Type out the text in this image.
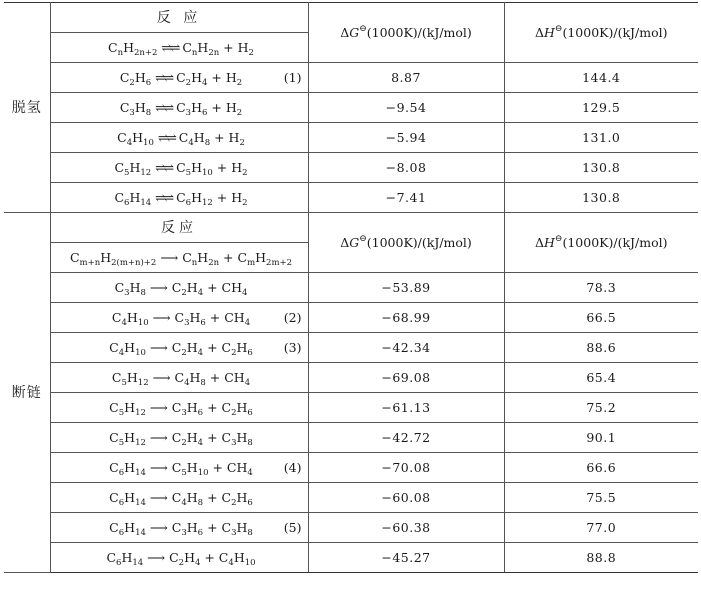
脱氢	反 应	ΔG⊖(1000K)/(kJ/mol)	ΔH⊖(1000K)/(kJ/mol)
	$C_nH_{2n+2}$ ⇌⇌ $C_nH_{2n} + H_2$
	$C_2H_6$ ⇌⇌ $C_2H_4 + H_2$ (1)	8.87	144.4
	$C_3H_8$ ⇌⇌ $C_3H_6 + H_2$	−9.54	129.5
	$C_4H_{10}$ ⇌⇌ $C_4H_8 + H_2$	−5.94	131.0
	$C_5H_{12}$ ⇌⇌ $C_5H_{10} + H_2$	−8.08	130.8
	$C_6H_{14}$ ⇌⇌ $C_6H_{12} + H_2$	−7.41	130.8
断链	反应	ΔG⊖(1000K)/(kJ/mol)	ΔH⊖(1000K)/(kJ/mol)
	$C_{m+n}H_{2(m+n)+2}$ ⟶ $C_nH_{2n} + C_mH_{2m+2}$
	$C_3H_8$ ⟶ $C_2H_4 + CH_4$	−53.89	78.3
	$C_4H_{10}$ ⟶ $C_3H_6 + CH_4$ (2)	−68.99	66.5
	$C_4H_{10}$ ⟶ $C_2H_4 + C_2H_6$ (3)	−42.34	88.6
	$C_5H_{12}$ ⟶ $C_4H_8 + CH_4$	−69.08	65.4
	$C_5H_{12}$ ⟶ $C_3H_6 + C_2H_6$	−61.13	75.2
	$C_5H_{12}$ ⟶ $C_2H_4 + C_3H_8$	−42.72	90.1
	$C_6H_{14}$ ⟶ $C_5H_{10} + CH_4$ (4)	−70.08	66.6
	$C_6H_{14}$ ⟶ $C_4H_8 + C_2H_6$	−60.08	75.5
	$C_6H_{14}$ ⟶ $C_3H_6 + C_3H_8$ (5)	−60.38	77.0
	$C_6H_{14}$ ⟶ $C_2H_4 + C_4H_{10}$	−45.27	88.8
